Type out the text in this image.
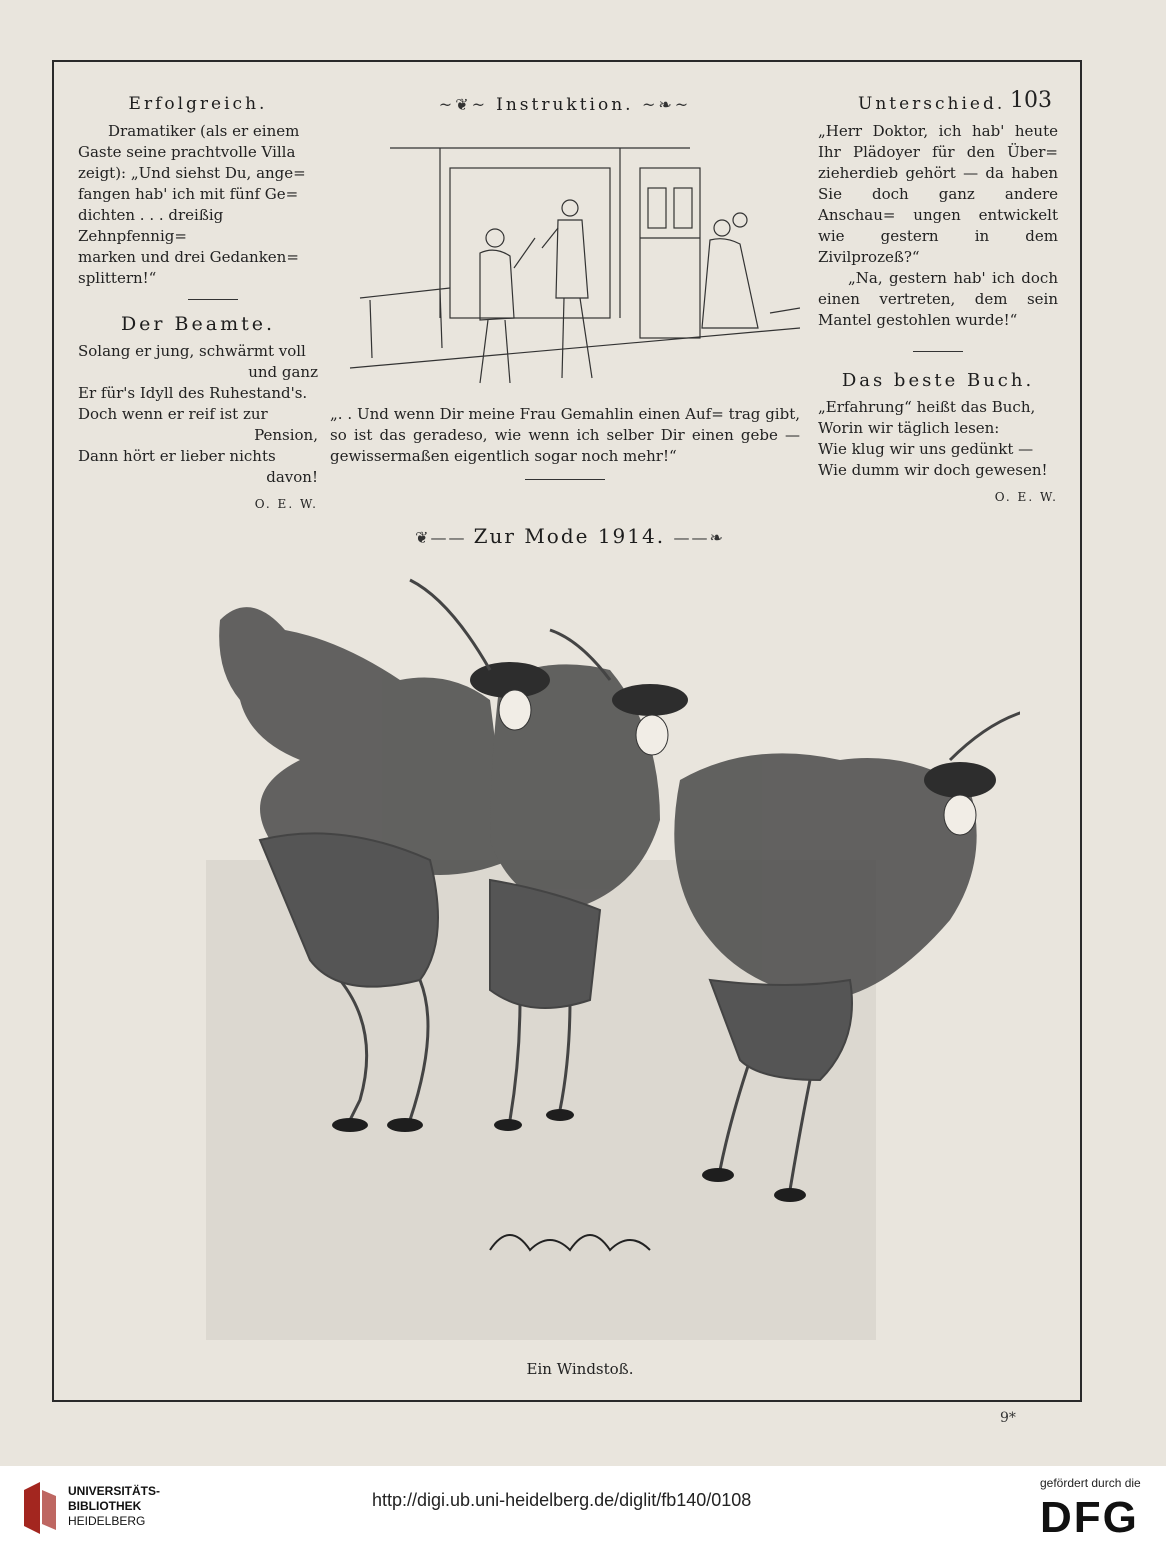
103
Erfolgreich.

Dramatiker (als er einem

Gaste seine prachtvolle Villa

zeigt): „Und siehst Du, ange=

fangen hab' ich mit fünf Ge=

dichten . . . dreißig Zehnpfennig=

marken und drei Gedanken=

splittern!“

Der Beamte.

Solang er jung, schwärmt voll

und ganz

Er für's Idyll des Ruhestand's.

Doch wenn er reif ist zur

Pension,

Dann hört er lieber nichts

davon!

O. E. W.
~❦~ Instruktion. ~❧~

„. . Und wenn Dir meine Frau Gemahlin einen Auf= trag gibt, so ist das geradeso, wie wenn ich selber Dir einen gebe — gewissermaßen eigentlich sogar noch mehr!“

Unterschied.

„Herr Doktor, ich hab' heute Ihr Plädoyer für den Über= zieherdieb gehört — da haben Sie doch ganz andere Anschau= ungen entwickelt wie gestern in dem Zivilprozeß?“

„Na, gestern hab' ich doch einen vertreten, dem sein Mantel gestohlen wurde!“

Das beste Buch.

„Erfahrung“ heißt das Buch,

Worin wir täglich lesen:

Wie klug wir uns gedünkt —

Wie dumm wir doch gewesen!

O. E. W.
❦—— Zur Mode 1914. ——❧
Ein Windstoß.
9*
UNIVERSITÄTS-
BIBLIOTHEK
HEIDELBERG
http://digi.ub.uni-heidelberg.de/diglit/fb140/0108
gefördert durch die
DFG
